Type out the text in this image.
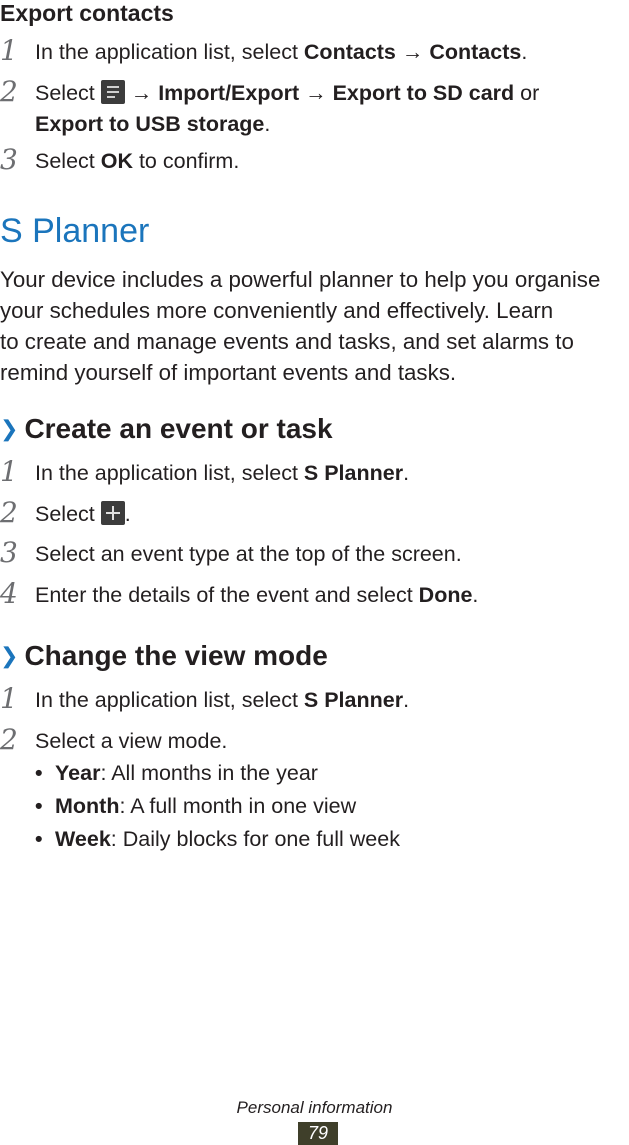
Export contacts
1 In the application list, select Contacts → Contacts.
2 Select
→ Import/Export → Export to SD card or
Export to USB storage.
3 Select OK to confirm.
S Planner
Your device includes a powerful planner to help you organise
your schedules more conveniently and effectively. Learn
to create and manage events and tasks, and set alarms to
remind yourself of important events and tasks.
❯ Create an event or task
1 In the application list, select S Planner.
2 Select .
3 Select an event type at the top of the screen.
4 Enter the details of the event and select Done.
❯ Change the view mode
1 In the application list, select S Planner.
2 Select a view mode.
• Year: All months in the year
• Month: A full month in one view
• Week: Daily blocks for one full week
Personal information
79
